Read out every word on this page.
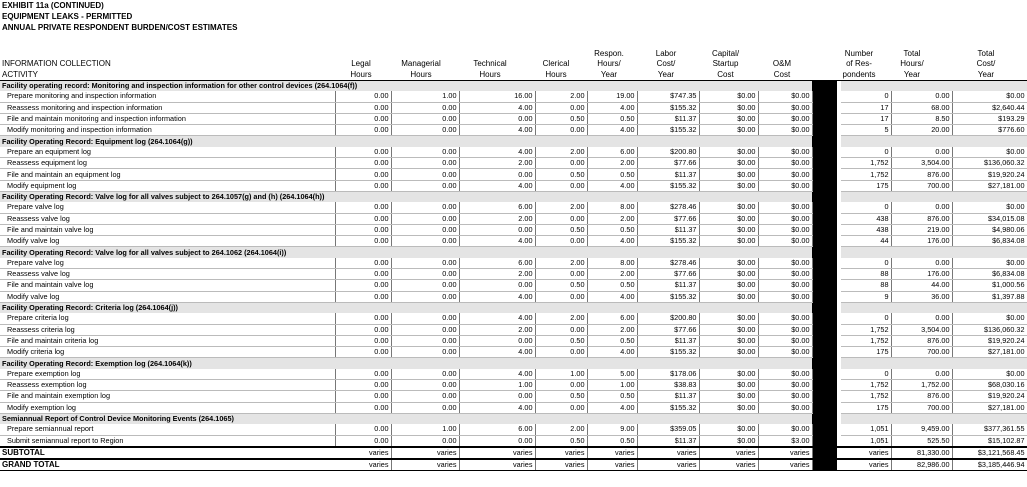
EXHIBIT 11a (CONTINUED)
EQUIPMENT LEAKS - PERMITTED
ANNUAL PRIVATE RESPONDENT BURDEN/COST ESTIMATES
INFORMATION COLLECTION
ACTIVITY
Legal
Hours
Managerial
Hours
Technical
Hours
Clerical
Hours
Respon.
Hours/
Year
Labor
Cost/
Year
Capital/
Startup
Cost
O&M
Cost
Number
of Res-
pondents
Total
Hours/
Year
Total
Cost/
Year
Facility operating record: Monitoring and inspection information for other control devices (264.1064(f))													
Prepare monitoring and inspection information	0.00	1.00	16.00	2.00	19.00	$747.35	$0.00	$0.00			0	0.00	$0.00
Reassess monitoring and inspection information	0.00	0.00	4.00	0.00	4.00	$155.32	$0.00	$0.00			17	68.00	$2,640.44
File and maintain monitoring and inspection information	0.00	0.00	0.00	0.50	0.50	$11.37	$0.00	$0.00			17	8.50	$193.29
Modify monitoring and inspection information	0.00	0.00	4.00	0.00	4.00	$155.32	$0.00	$0.00			5	20.00	$776.60
Facility Operating Record: Equipment log (264.1064(g))													
Prepare an equipment log	0.00	0.00	4.00	2.00	6.00	$200.80	$0.00	$0.00			0	0.00	$0.00
Reassess equipment log	0.00	0.00	2.00	0.00	2.00	$77.66	$0.00	$0.00			1,752	3,504.00	$136,060.32
File and maintain an equipment log	0.00	0.00	0.00	0.50	0.50	$11.37	$0.00	$0.00			1,752	876.00	$19,920.24
Modify equipment log	0.00	0.00	4.00	0.00	4.00	$155.32	$0.00	$0.00			175	700.00	$27,181.00
Facility Operating Record: Valve log for all valves subject to 264.1057(g) and (h) (264.1064(h))													
Prepare valve log	0.00	0.00	6.00	2.00	8.00	$278.46	$0.00	$0.00			0	0.00	$0.00
Reassess valve log	0.00	0.00	2.00	0.00	2.00	$77.66	$0.00	$0.00			438	876.00	$34,015.08
File and maintain valve log	0.00	0.00	0.00	0.50	0.50	$11.37	$0.00	$0.00			438	219.00	$4,980.06
Modify valve log	0.00	0.00	4.00	0.00	4.00	$155.32	$0.00	$0.00			44	176.00	$6,834.08
Facility Operating Record: Valve log for all valves subject to 264.1062 (264.1064(i))													
Prepare valve log	0.00	0.00	6.00	2.00	8.00	$278.46	$0.00	$0.00			0	0.00	$0.00
Reassess valve log	0.00	0.00	2.00	0.00	2.00	$77.66	$0.00	$0.00			88	176.00	$6,834.08
File and maintain valve log	0.00	0.00	0.00	0.50	0.50	$11.37	$0.00	$0.00			88	44.00	$1,000.56
Modify valve log	0.00	0.00	4.00	0.00	4.00	$155.32	$0.00	$0.00			9	36.00	$1,397.88
Facility Operating Record: Criteria log (264.1064(j))													
Prepare criteria log	0.00	0.00	4.00	2.00	6.00	$200.80	$0.00	$0.00			0	0.00	$0.00
Reassess criteria log	0.00	0.00	2.00	0.00	2.00	$77.66	$0.00	$0.00			1,752	3,504.00	$136,060.32
File and maintain criteria log	0.00	0.00	0.00	0.50	0.50	$11.37	$0.00	$0.00			1,752	876.00	$19,920.24
Modify criteria log	0.00	0.00	4.00	0.00	4.00	$155.32	$0.00	$0.00			175	700.00	$27,181.00
Facility Operating Record: Exemption log (264.1064(k))													
Prepare exemption log	0.00	0.00	4.00	1.00	5.00	$178.06	$0.00	$0.00			0	0.00	$0.00
Reassess exemption log	0.00	0.00	1.00	0.00	1.00	$38.83	$0.00	$0.00			1,752	1,752.00	$68,030.16
File and maintain exemption log	0.00	0.00	0.00	0.50	0.50	$11.37	$0.00	$0.00			1,752	876.00	$19,920.24
Modify exemption log	0.00	0.00	4.00	0.00	4.00	$155.32	$0.00	$0.00			175	700.00	$27,181.00
Semiannual Report of Control Device Monitoring Events (264.1065)													
Prepare semiannual report	0.00	1.00	6.00	2.00	9.00	$359.05	$0.00	$0.00			1,051	9,459.00	$377,361.55
Submit semiannual report to Region	0.00	0.00	0.00	0.50	0.50	$11.37	$0.00	$3.00			1,051	525.50	$15,102.87
SUBTOTAL	varies	varies	varies	varies	varies	varies	varies	varies			varies	81,330.00	$3,121,568.45
GRAND TOTAL	varies	varies	varies	varies	varies	varies	varies	varies			varies	82,986.00	$3,185,446.94
